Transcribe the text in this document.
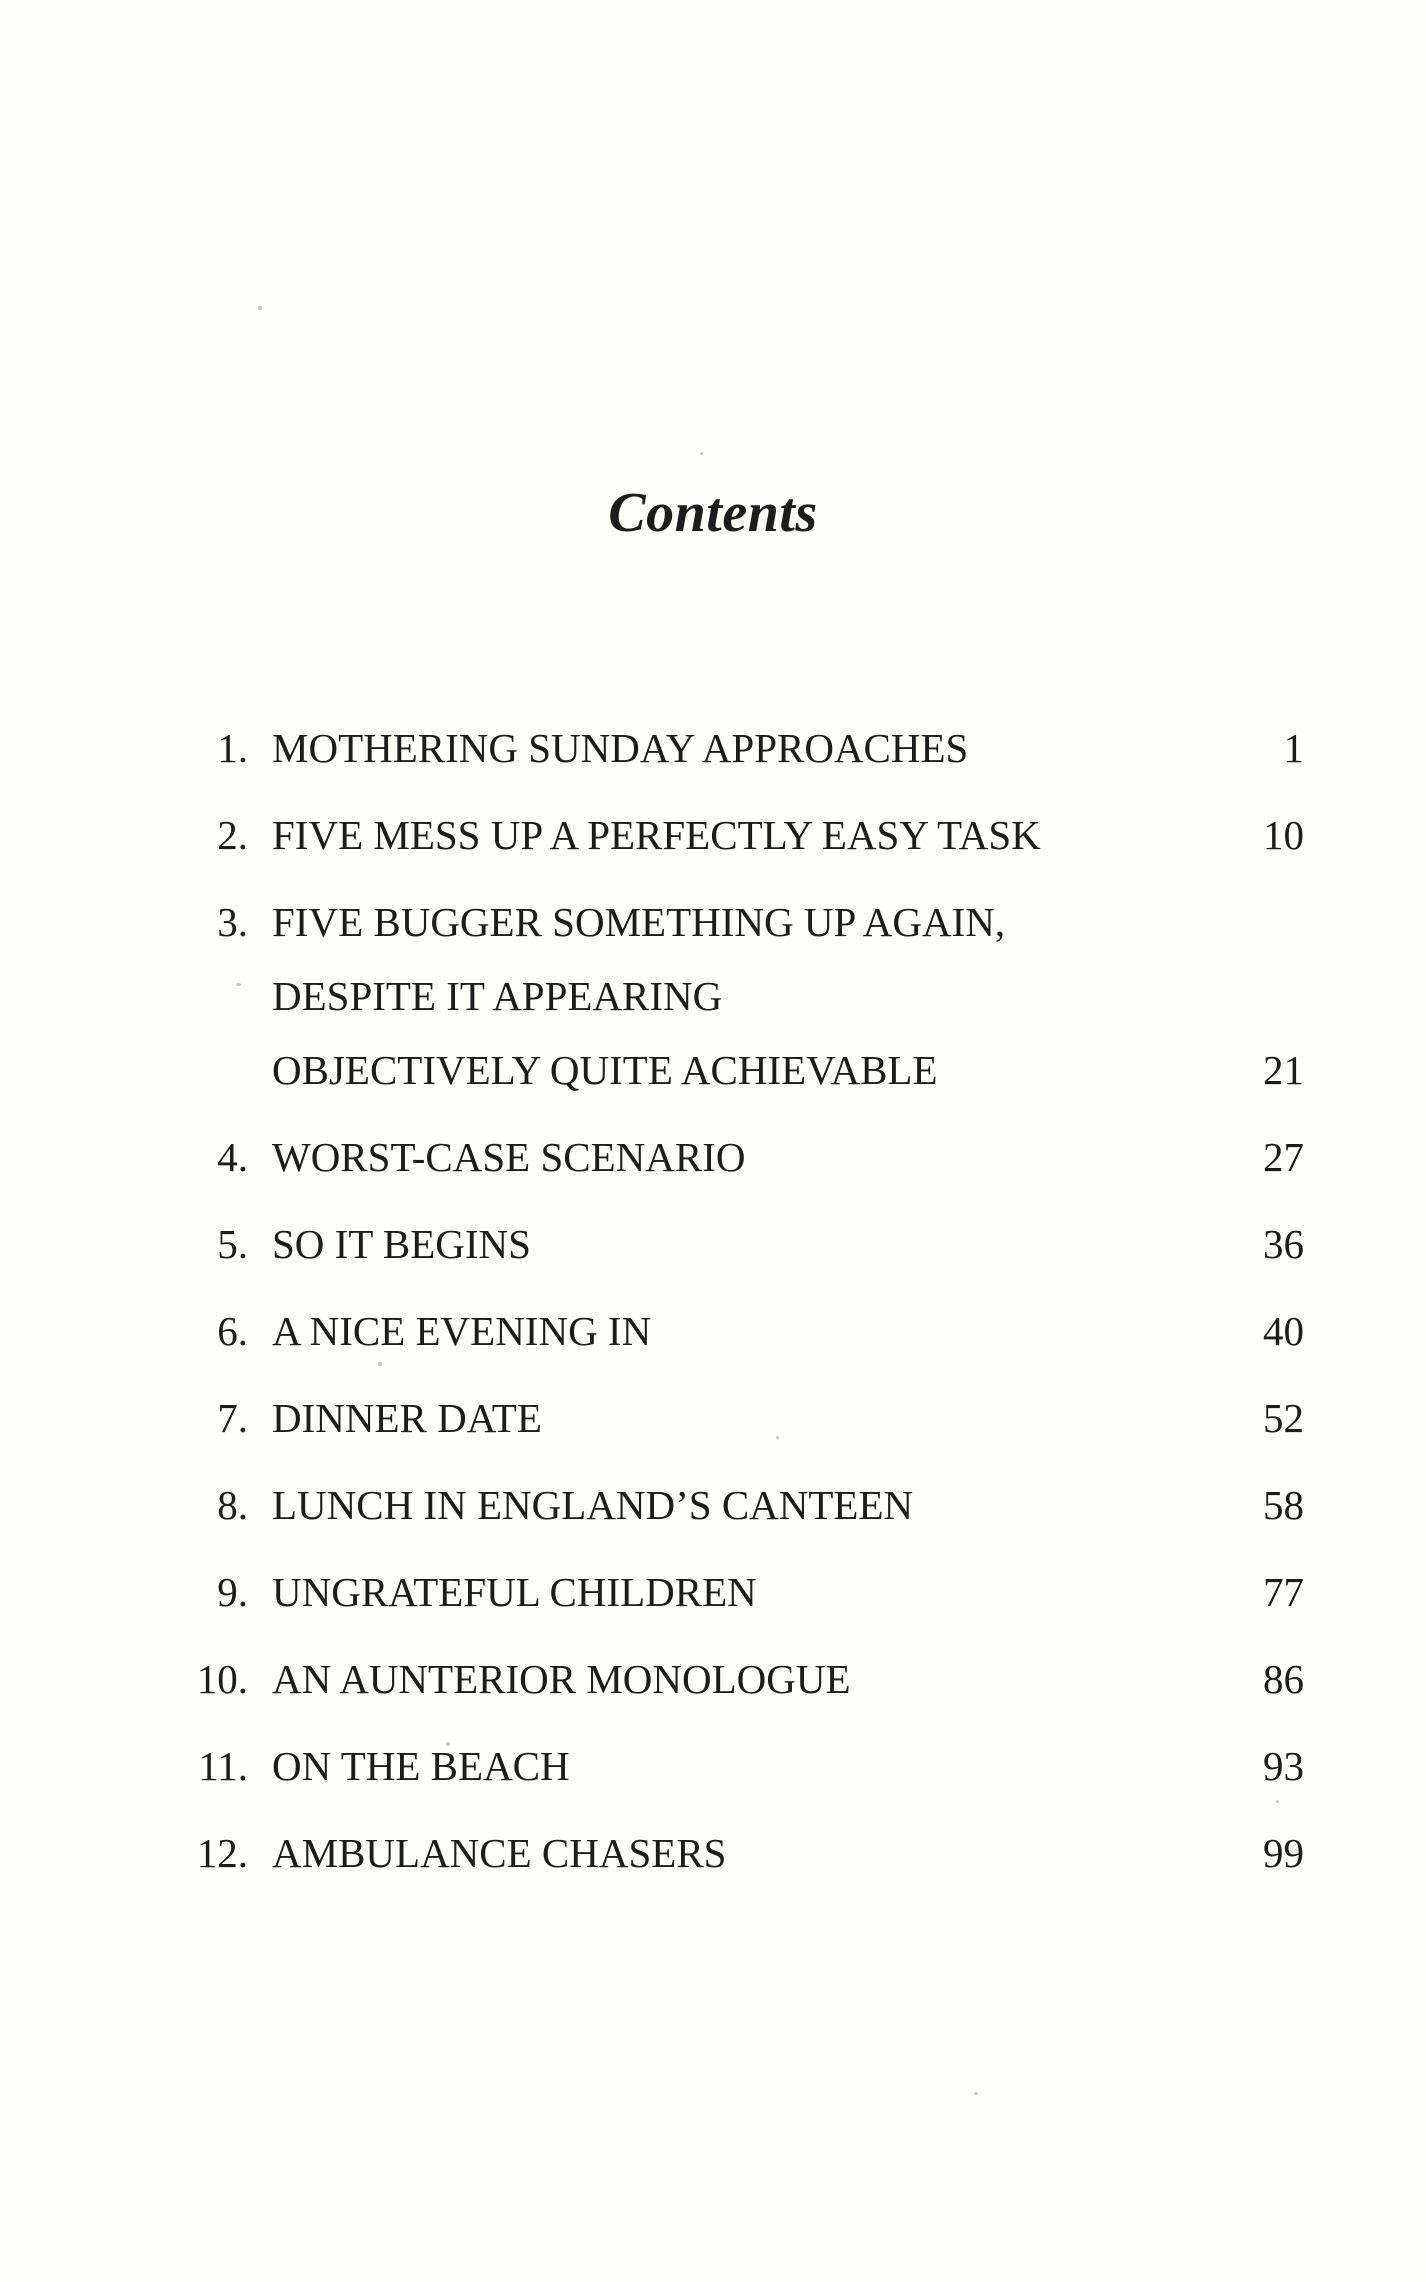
Contents
1. MOTHERING SUNDAY APPROACHES	1
2. FIVE MESS UP A PERFECTLY EASY TASK	10
3. FIVE BUGGER SOMETHING UP AGAIN,
DESPITE IT APPEARING
OBJECTIVELY QUITE ACHIEVABLE	21
4. WORST-CASE SCENARIO	27
5. SO IT BEGINS	36
6. A NICE EVENING IN	40
7. DINNER DATE	52
8. LUNCH IN ENGLAND’S CANTEEN	58
9. UNGRATEFUL CHILDREN	77
10. AN AUNTERIOR MONOLOGUE	86
11. ON THE BEACH	93
12. AMBULANCE CHASERS	99
